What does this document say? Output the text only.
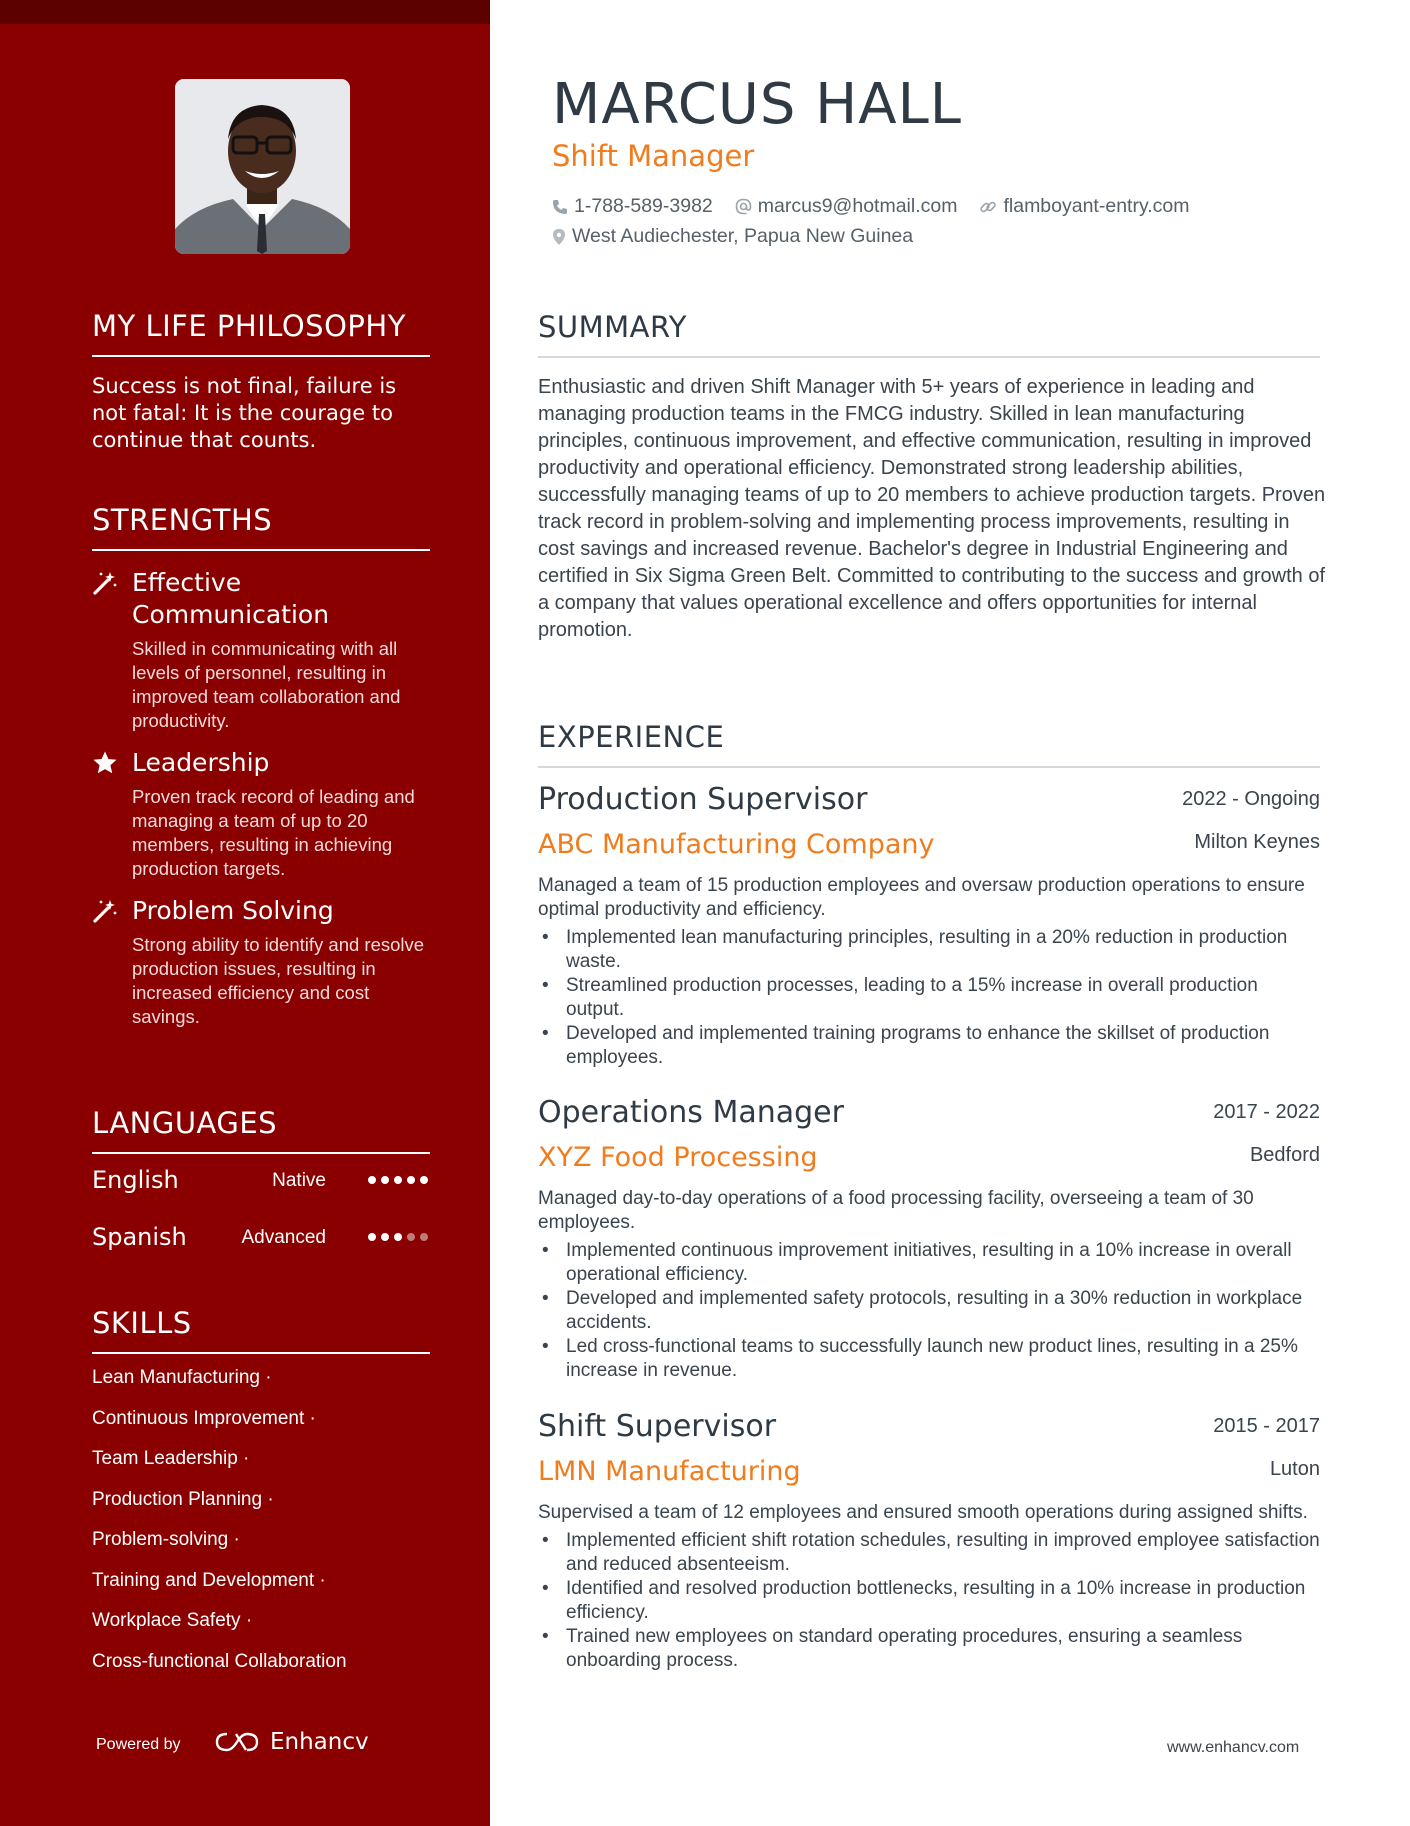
MY LIFE PHILOSOPHY

Success is not final, failure is not fatal: It is the courage to continue that counts.

STRENGTHS
Effective Communication
Skilled in communicating with all levels of personnel, resulting in improved team collaboration and productivity.
Leadership
Proven track record of leading and managing a team of up to 20 members, resulting in achieving production targets.
Problem Solving
Strong ability to identify and resolve production issues, resulting in increased efficiency and cost savings.
LANGUAGES
English	Native
Spanish	Advanced
SKILLS
Lean Manufacturing ·
Continuous Improvement ·
Team Leadership ·
Production Planning ·
Problem-solving ·
Training and Development ·
Workplace Safety ·
Cross-functional Collaboration
Powered by	Enhancv
MARCUS HALL
Shift Manager
1-788-589-3982 marcus9@hotmail.com flamboyant-entry.com
West Audiechester, Papua New Guinea
SUMMARY

Enthusiastic and driven Shift Manager with 5+ years of experience in leading and managing production teams in the FMCG industry. Skilled in lean manufacturing principles, continuous improvement, and effective communication, resulting in improved productivity and operational efficiency. Demonstrated strong leadership abilities, successfully managing teams of up to 20 members to achieve production targets. Proven track record in problem-solving and implementing process improvements, resulting in cost savings and increased revenue. Bachelor's degree in Industrial Engineering and certified in Six Sigma Green Belt. Committed to contributing to the success and growth of a company that values operational excellence and offers opportunities for internal promotion.

EXPERIENCE
Production Supervisor	2022 - Ongoing
ABC Manufacturing Company	Milton Keynes
Managed a team of 15 production employees and oversaw production operations to ensure optimal productivity and efficiency.
• Implemented lean manufacturing principles, resulting in a 20% reduction in production waste.
• Streamlined production processes, leading to a 15% increase in overall production output.
• Developed and implemented training programs to enhance the skillset of production employees.
Operations Manager	2017 - 2022
XYZ Food Processing	Bedford
Managed day-to-day operations of a food processing facility, overseeing a team of 30 employees.
• Implemented continuous improvement initiatives, resulting in a 10% increase in overall operational efficiency.
• Developed and implemented safety protocols, resulting in a 30% reduction in workplace accidents.
• Led cross-functional teams to successfully launch new product lines, resulting in a 25% increase in revenue.
Shift Supervisor	2015 - 2017
LMN Manufacturing	Luton
Supervised a team of 12 employees and ensured smooth operations during assigned shifts.
• Implemented efficient shift rotation schedules, resulting in improved employee satisfaction and reduced absenteeism.
• Identified and resolved production bottlenecks, resulting in a 10% increase in production efficiency.
• Trained new employees on standard operating procedures, ensuring a seamless onboarding process.
www.enhancv.com
